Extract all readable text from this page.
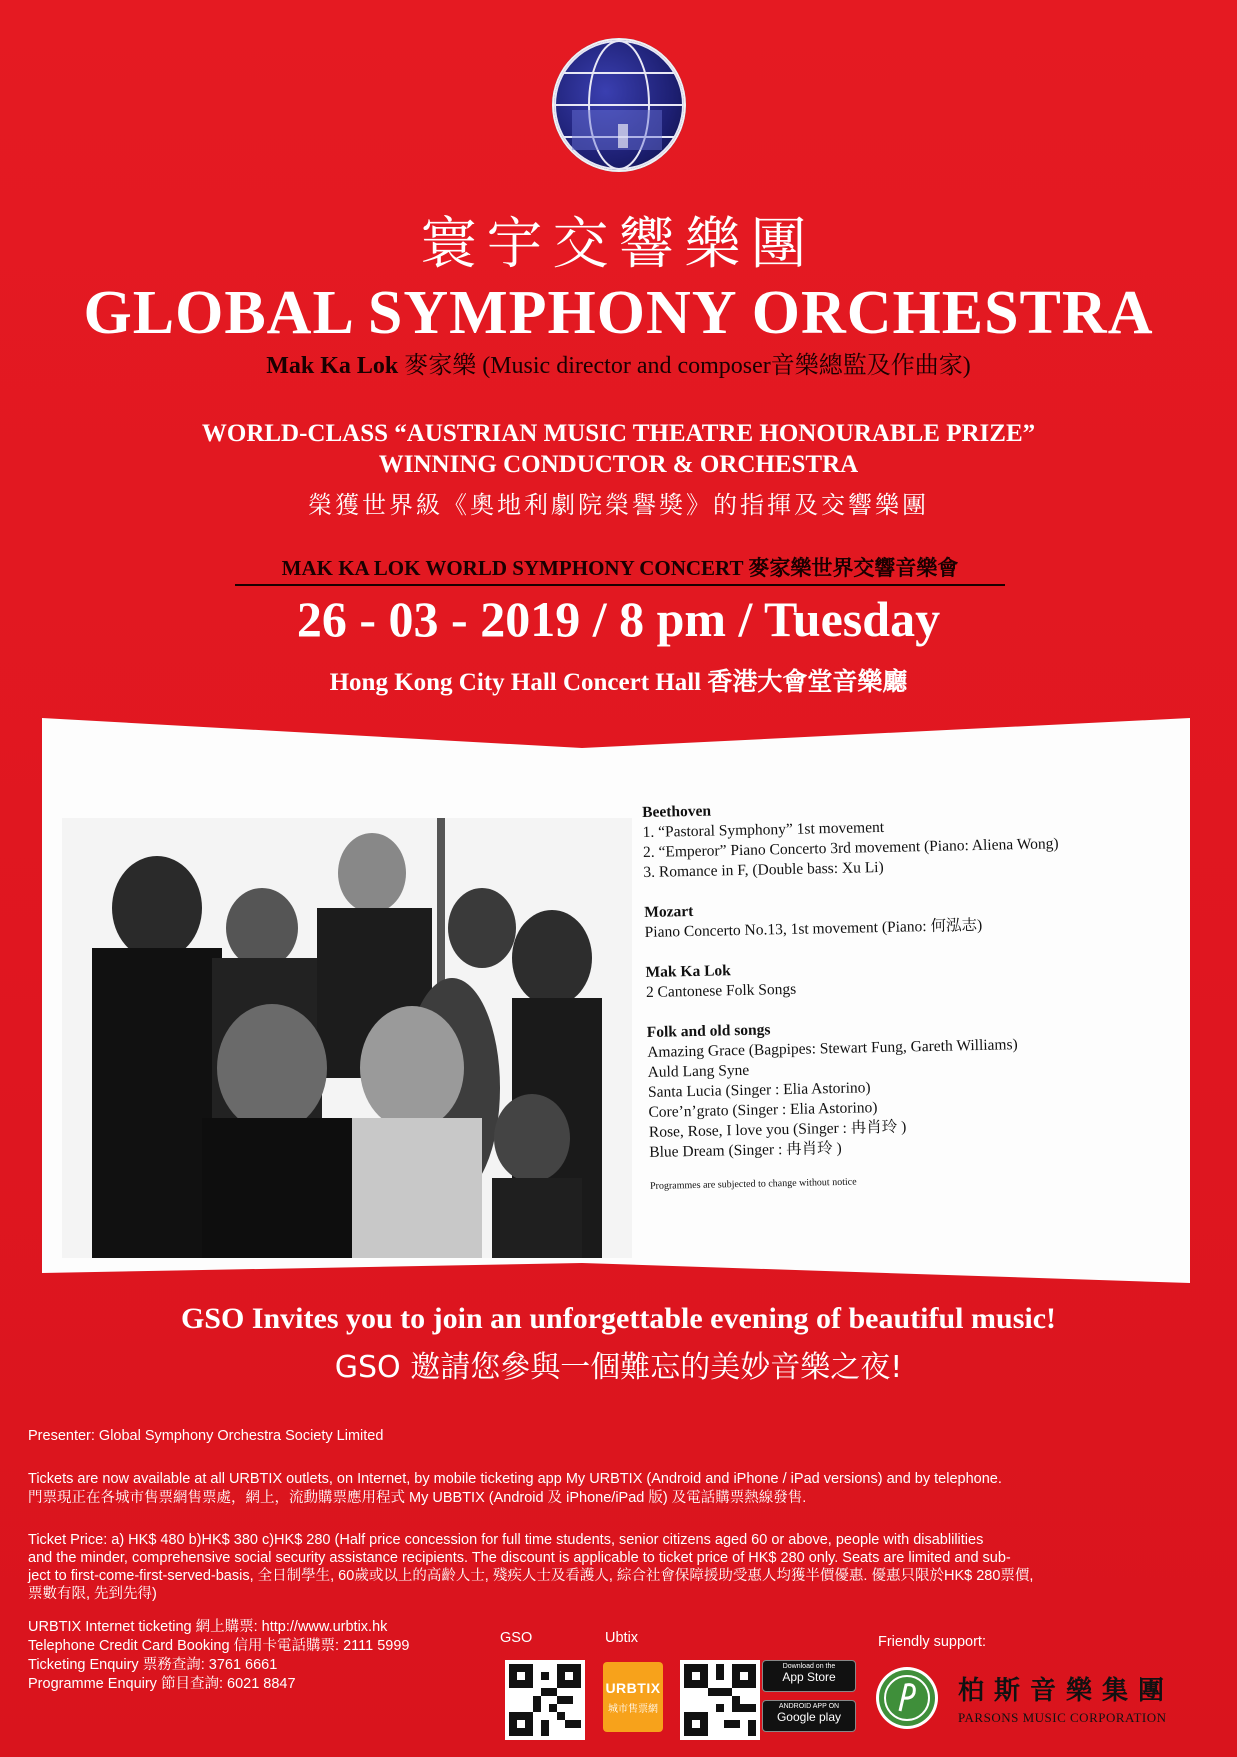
寰宇交響樂團
GLOBAL SYMPHONY ORCHESTRA
Mak Ka Lok 麥家樂 (Music director and composer音樂總監及作曲家)
WORLD-CLASS “AUSTRIAN MUSIC THEATRE HONOURABLE PRIZE”
WINNING CONDUCTOR & ORCHESTRA
榮獲世界級《奧地利劇院榮譽獎》的指揮及交響樂團
MAK KA LOK WORLD SYMPHONY CONCERT 麥家樂世界交響音樂會
26 - 03 - 2019 / 8 pm / Tuesday
Hong Kong City Hall Concert Hall 香港大會堂音樂廳
Beethoven
1. “Pastoral Symphony” 1st movement
2. “Emperor” Piano Concerto 3rd movement (Piano: Aliena Wong)
3. Romance in F, (Double bass: Xu Li)
Mozart
Piano Concerto No.13, 1st movement (Piano: 何泓志)
Mak Ka Lok
2 Cantonese Folk Songs
Folk and old songs
Amazing Grace (Bagpipes: Stewart Fung, Gareth Williams)
Auld Lang Syne
Santa Lucia (Singer : Elia Astorino)
Core’n’grato (Singer : Elia Astorino)
Rose, Rose, I love you (Singer : 冉肖玲 )
Blue Dream (Singer : 冉肖玲 )
Programmes are subjected to change without notice
GSO Invites you to join an unforgettable evening of beautiful music!
GSO 邀請您參與一個難忘的美妙音樂之夜!
Presenter: Global Symphony Orchestra Society Limited
Tickets are now available at all URBTIX outlets, on Internet, by mobile ticketing app My URBTIX (Android and iPhone / iPad versions) and by telephone.
門票現正在各城市售票網售票處，網上，流動購票應用程式 My UBBTIX (Android 及 iPhone/iPad 版) 及電話購票熱線發售.
Ticket Price: a) HK$ 480 b)HK$ 380 c)HK$ 280 (Half price concession for full time students, senior citizens aged 60 or above, people with disablilities
and the minder, comprehensive social security assistance recipients. The discount is applicable to ticket price of HK$ 280 only. Seats are limited and sub-
ject to first-come-first-served-basis, 全日制學生, 60歲或以上的高齡人士, 殘疾人士及看護人, 綜合社會保障援助受惠人均獲半價優惠. 優惠只限於HK$ 280票價,
票數有限, 先到先得)
URBTIX Internet ticketing 網上購票: http://www.urbtix.hk
Telephone Credit Card Booking 信用卡電話購票: 2111 5999
Ticketing Enquiry 票務查詢: 3761 6661
Programme Enquiry 節目查詢: 6021 8847
GSO	Ubtix	Friendly support:
URBTIX
城市售票網
Download on the
App Store
ANDROID APP ON
Google play
柏斯音樂集團
PARSONS MUSIC CORPORATION
